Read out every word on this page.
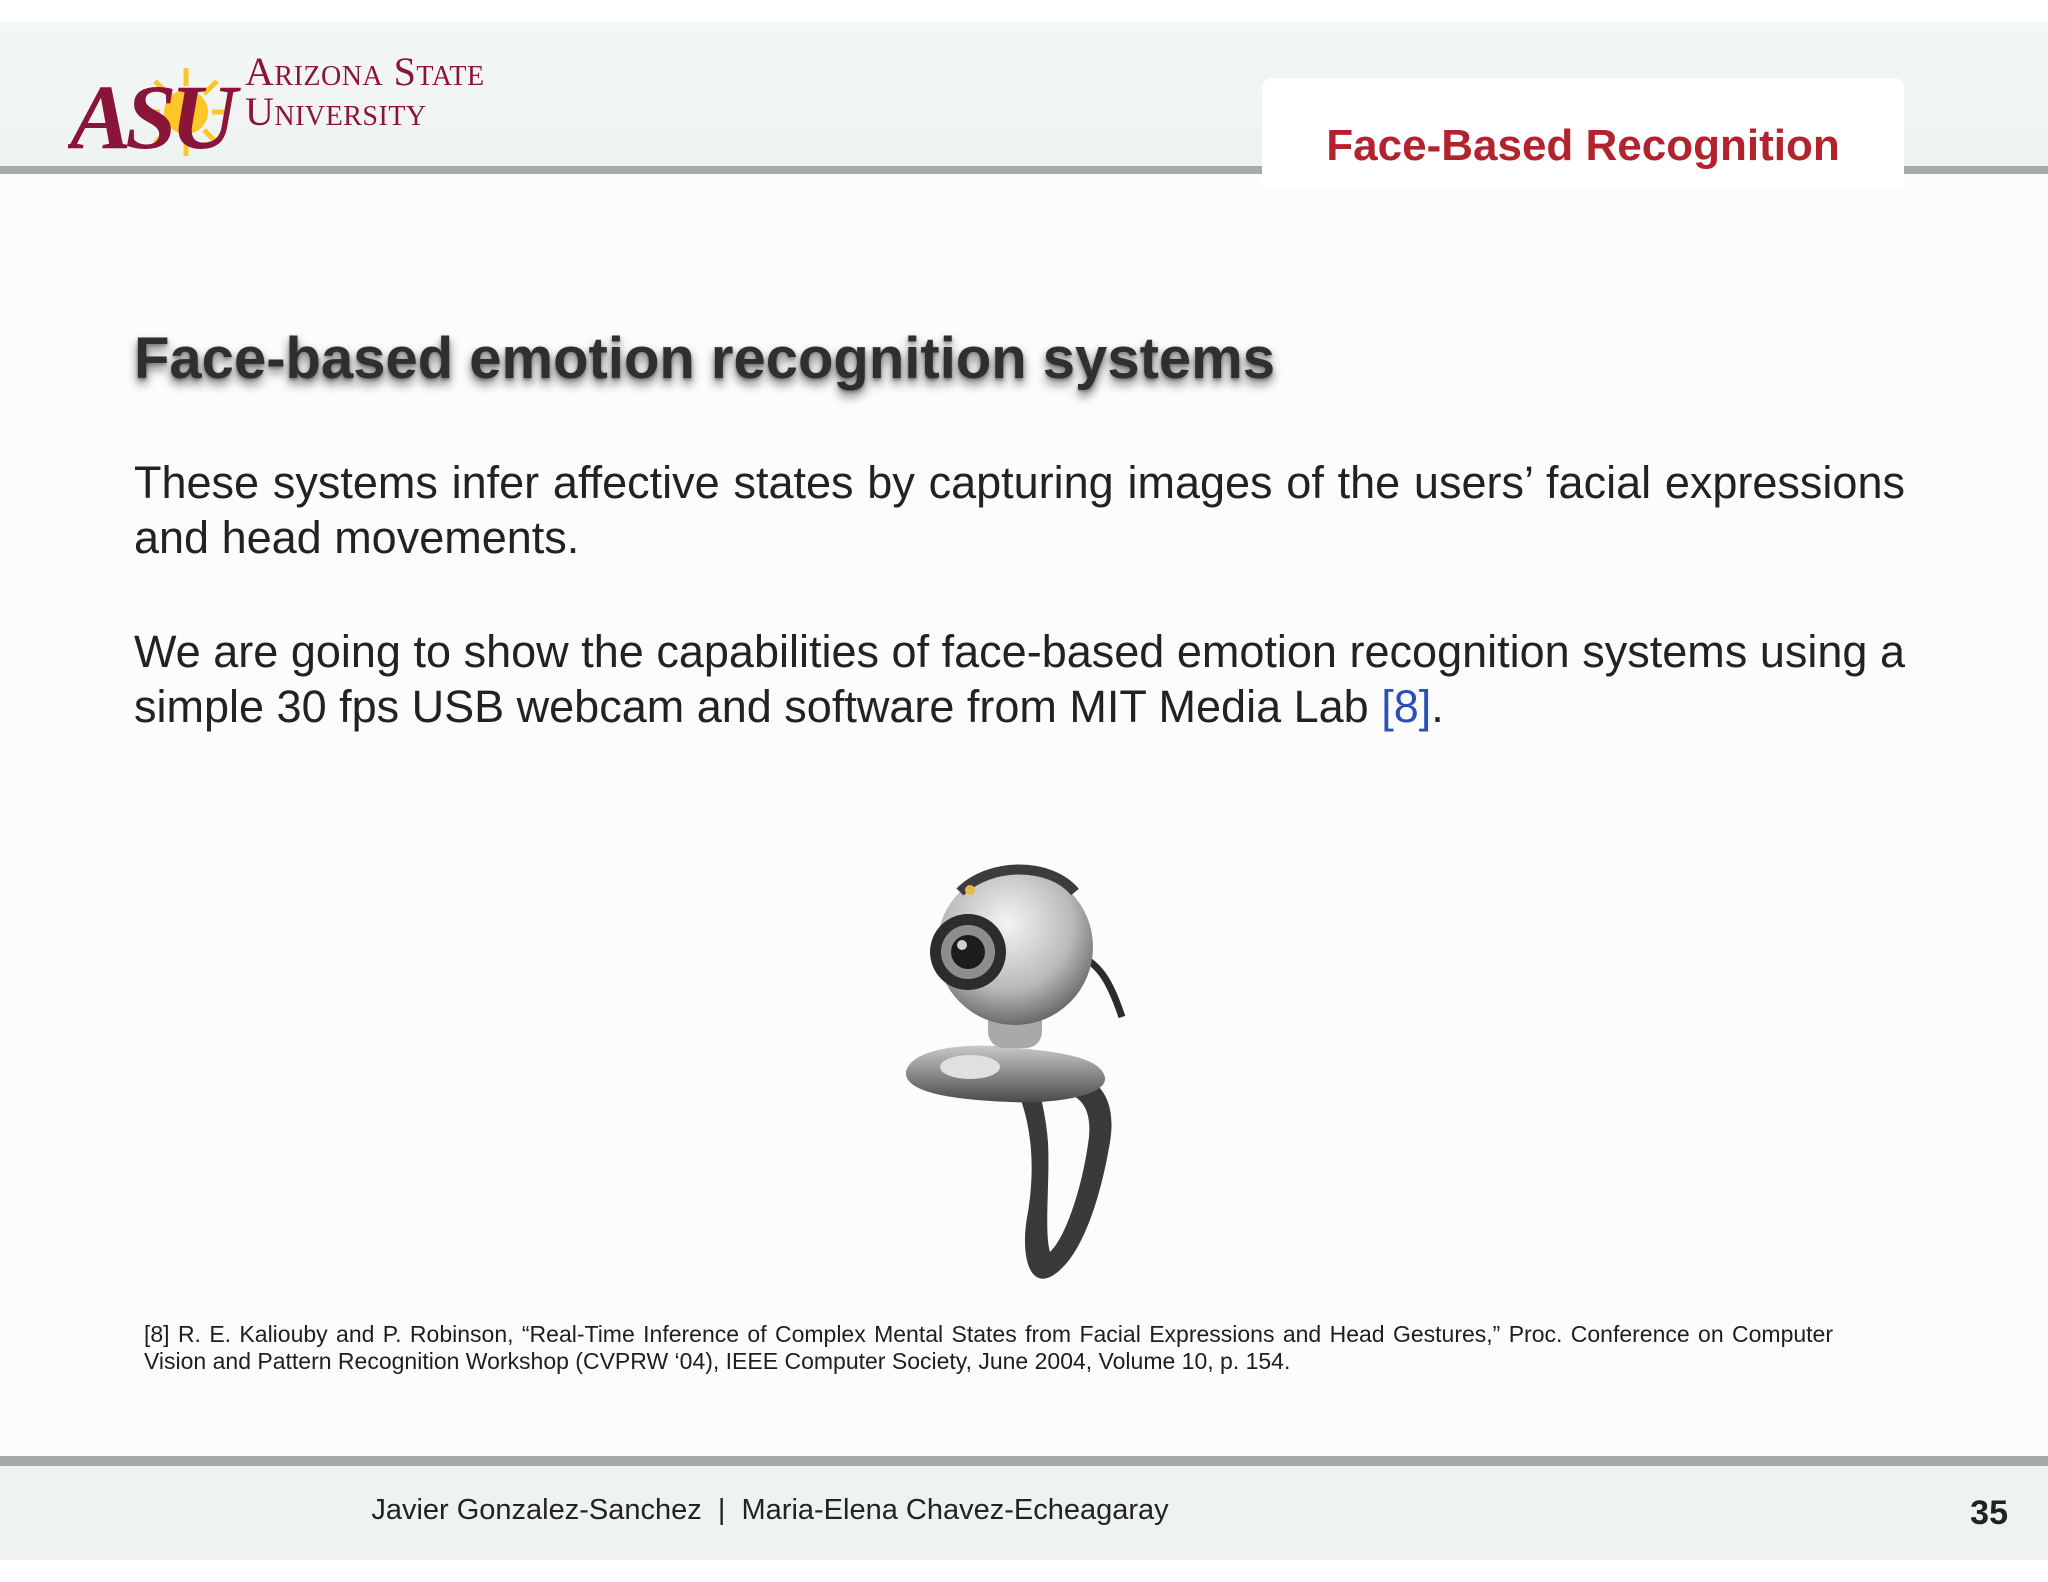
ASU Arizona State
University
Face-Based Recognition
Face-based emotion recognition systems

These systems infer affective states by capturing images of the users’ facial expressions and head movements.

We are going to show the capabilities of face-based emotion recognition systems using a simple 30 fps USB webcam and software from MIT Media Lab [8].

[8] R. E. Kaliouby and P. Robinson, “Real-Time Inference of Complex Mental States from Facial Expressions and Head Gestures,” Proc. Conference on Computer Vision and Pattern Recognition Workshop (CVPRW ‘04), IEEE Computer Society, June 2004, Volume 10, p. 154.

Javier Gonzalez-Sanchez  |  Maria-Elena Chavez-Echeagaray	35
